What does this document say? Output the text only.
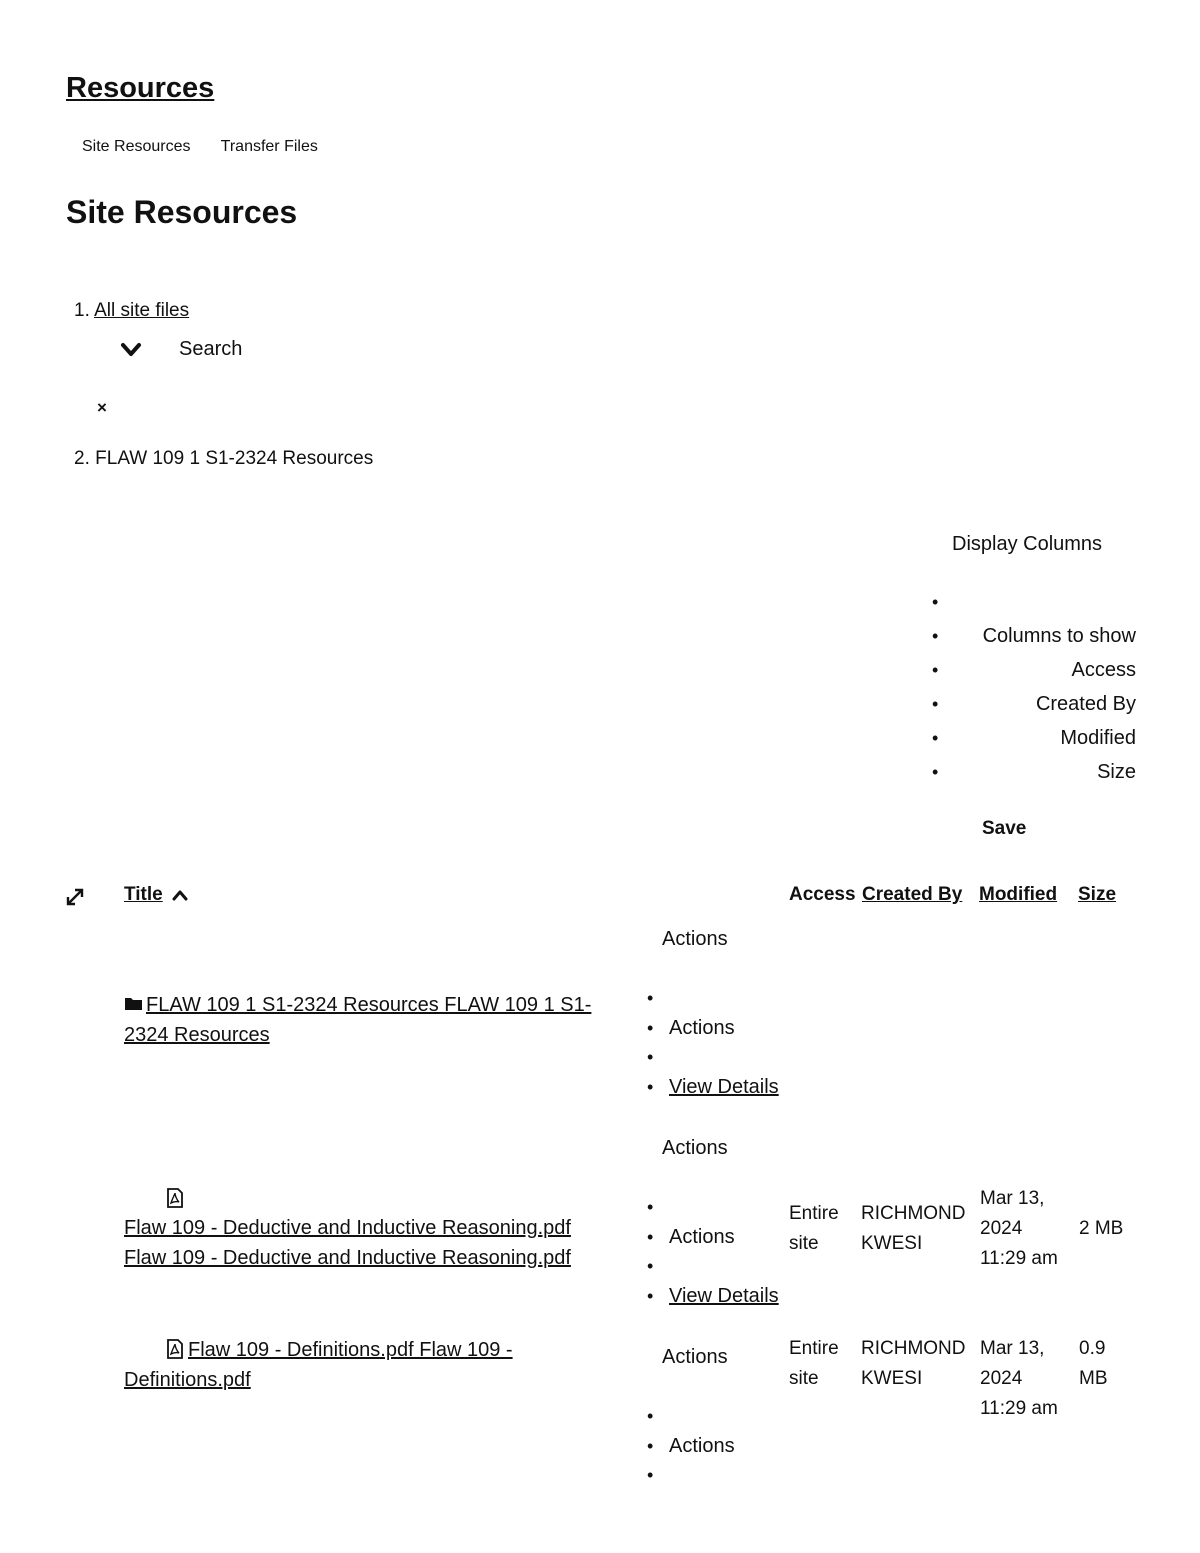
Resources
Site Resources Transfer Files
Site Resources
1. All site files
Search
×
2. FLAW 109 1 S1-2324 Resources
Display Columns
•
• Columns to show
• Access
• Created By
• Modified
• Size
Save
Title	Access Created By Modified Size
Actions
FLAW 109 1 S1-2324 Resources FLAW 109 1 S1-2324 Resources
•
•	Actions
•
• View Details
Actions
Flaw 109 - Deductive and Inductive Reasoning.pdf Flaw 109 - Deductive and Inductive Reasoning.pdf
•
• Actions
•
• View Details
Entire site
RICHMOND KWESI
Mar 13, 2024 11:29 am
2 MB
Flaw 109 - Definitions.pdf Flaw 109 - Definitions.pdf
Actions
•
• Actions
•
Entire site
RICHMOND KWESI
Mar 13, 2024 11:29 am
0.9 MB
